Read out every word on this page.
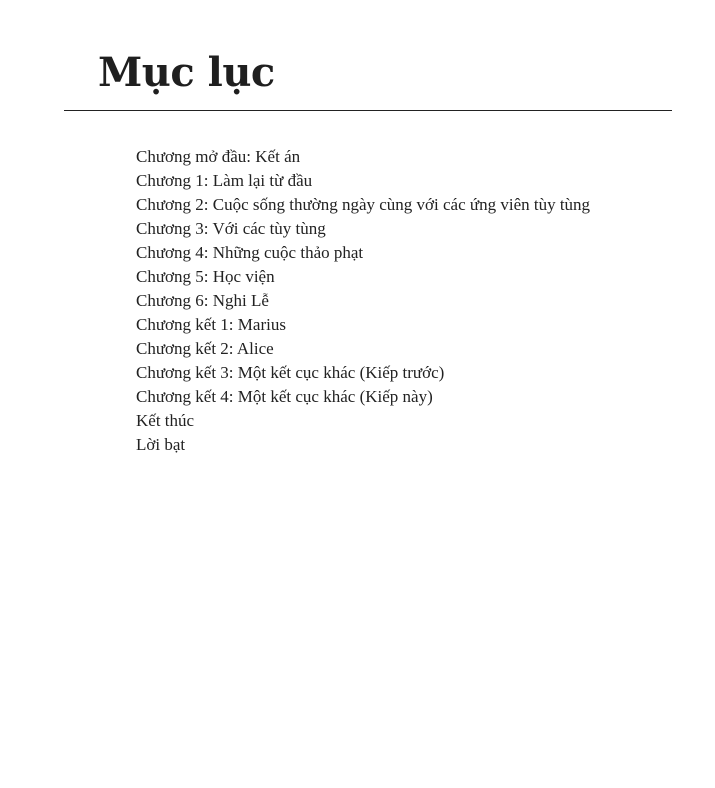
Mục lục
Chương mở đầu: Kết án
Chương 1: Làm lại từ đầu
Chương 2: Cuộc sống thường ngày cùng với các ứng viên tùy tùng
Chương 3: Với các tùy tùng
Chương 4: Những cuộc thảo phạt
Chương 5: Học viện
Chương 6: Nghi Lễ
Chương kết 1: Marius
Chương kết 2: Alice
Chương kết 3: Một kết cục khác (Kiếp trước)
Chương kết 4: Một kết cục khác (Kiếp này)
Kết thúc
Lời bạt
